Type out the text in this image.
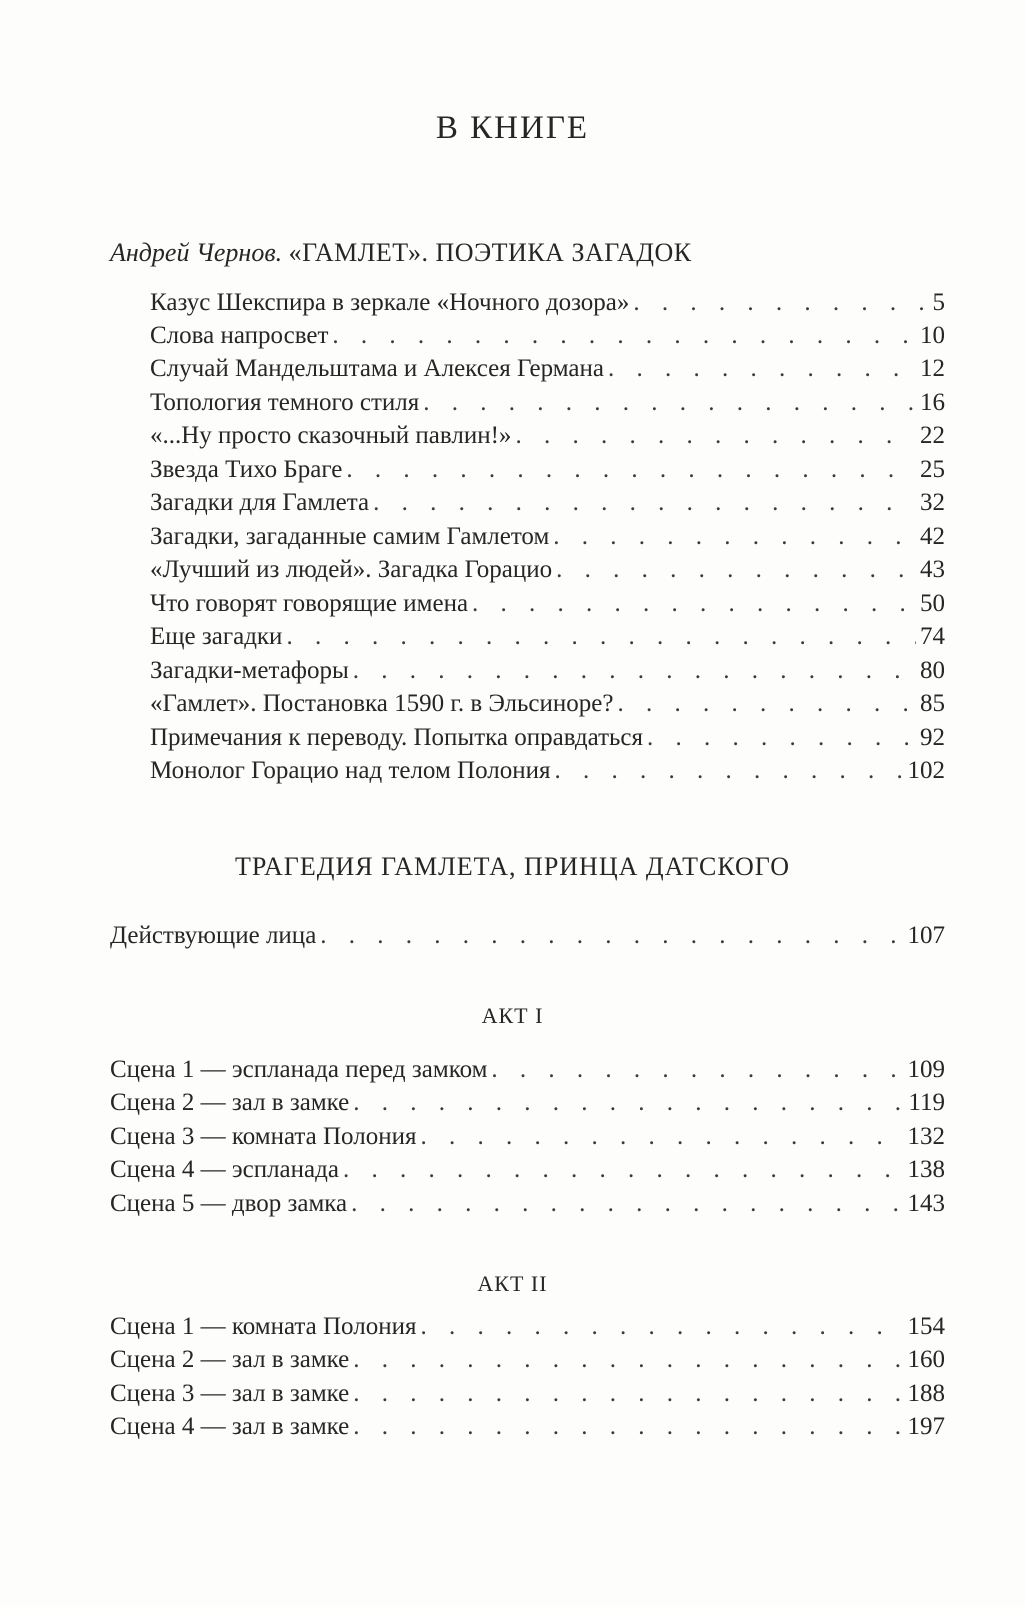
В КНИГЕ
Андрей Чернов. «ГАМЛЕТ». ПОЭТИКА ЗАГАДОК
Казус Шекспира в зеркале «Ночного дозора» . . .	5
Слова напросвет . . .	10
Случай Мандельштама и Алексея Германа . . .	12
Топология темного стиля . . .	16
«...Ну просто сказочный павлин!» . . .	22
Звезда Тихо Браге . . .	25
Загадки для Гамлета . . .	32
Загадки, загаданные самим Гамлетом . . .	42
«Лучший из людей». Загадка Горацио . . .	43
Что говорят говорящие имена . . .	50
Еще загадки . . .	74
Загадки-метафоры . . .	80
«Гамлет». Постановка 1590 г. в Эльсиноре? . . .	85
Примечания к переводу. Попытка оправдаться . . .	92
Монолог Горацио над телом Полония . . .	102
ТРАГЕДИЯ ГАМЛЕТА, ПРИНЦА ДАТСКОГО
Действующие лица . . .	107
АКТ I
Сцена 1 — эспланада перед замком . . .	109
Сцена 2 — зал в замке . . .	119
Сцена 3 — комната Полония . . .	132
Сцена 4 — эспланада . . .	138
Сцена 5 — двор замка . . .	143
АКТ II
Сцена 1 — комната Полония . . .	154
Сцена 2 — зал в замке . . .	160
Сцена 3 — зал в замке . . .	188
Сцена 4 — зал в замке . . .	197
